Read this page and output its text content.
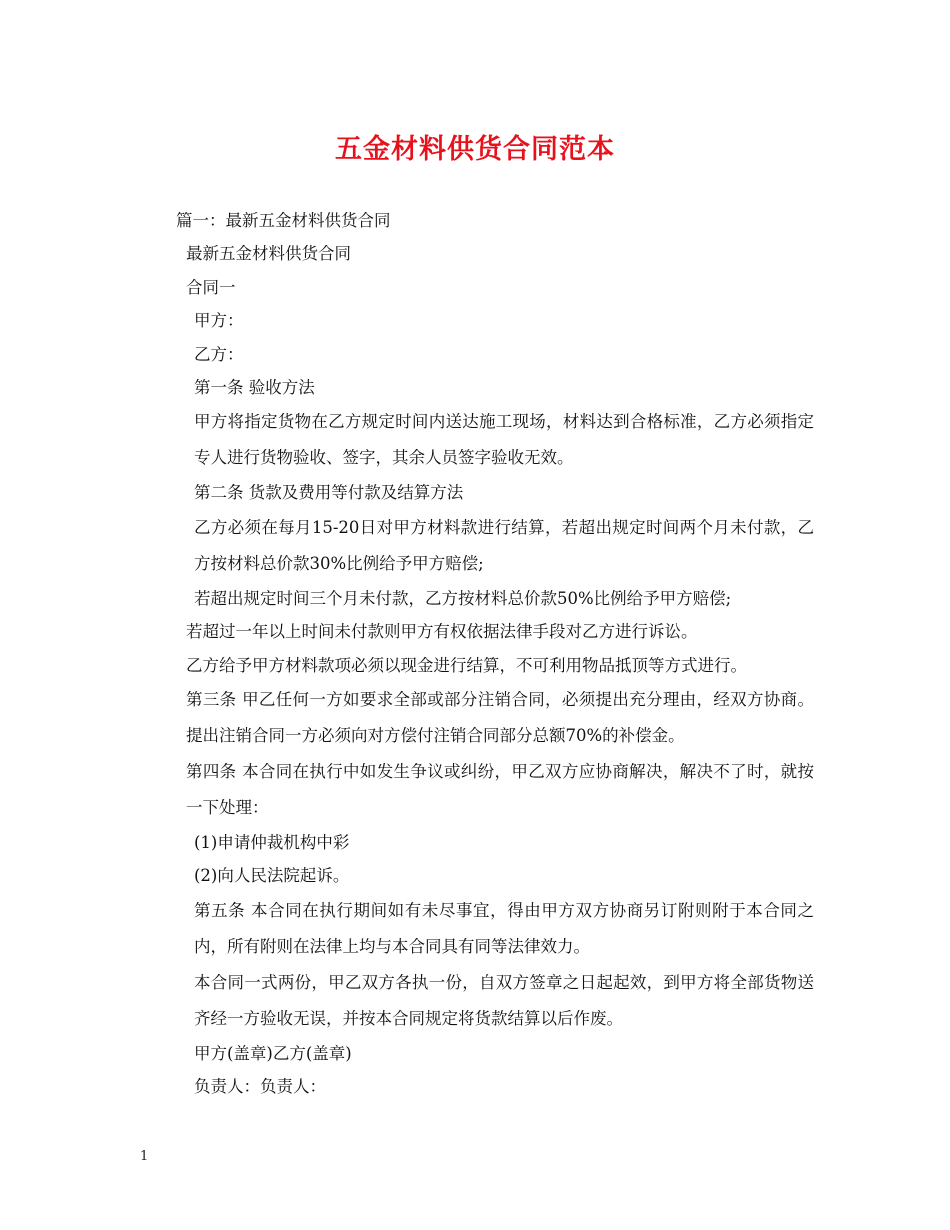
五金材料供货合同范本

篇一：最新五金材料供货合同

最新五金材料供货合同

合同一

甲方：

乙方：

第一条 验收方法

甲方将指定货物在乙方规定时间内送达施工现场，材料达到合格标准，乙方必须指定专人进行货物验收、签字，其余人员签字验收无效。

第二条 货款及费用等付款及结算方法

乙方必须在每月15-20日对甲方材料款进行结算，若超出规定时间两个月未付款，乙方按材料总价款30%比例给予甲方赔偿;

若超出规定时间三个月未付款，乙方按材料总价款50%比例给予甲方赔偿;

若超过一年以上时间未付款则甲方有权依据法律手段对乙方进行诉讼。

乙方给予甲方材料款项必须以现金进行结算，不可利用物品抵顶等方式进行。

第三条 甲乙任何一方如要求全部或部分注销合同，必须提出充分理由，经双方协商。提出注销合同一方必须向对方偿付注销合同部分总额70%的补偿金。

第四条 本合同在执行中如发生争议或纠纷，甲乙双方应协商解决，解决不了时，就按一下处理：

(1)申请仲裁机构中彩

(2)向人民法院起诉。

第五条 本合同在执行期间如有未尽事宜，得由甲方双方协商另订附则附于本合同之内，所有附则在法律上均与本合同具有同等法律效力。

本合同一式两份，甲乙双方各执一份，自双方签章之日起起效，到甲方将全部货物送齐经一方验收无误，并按本合同规定将货款结算以后作废。

甲方(盖章)乙方(盖章)

负责人：负责人：

1
